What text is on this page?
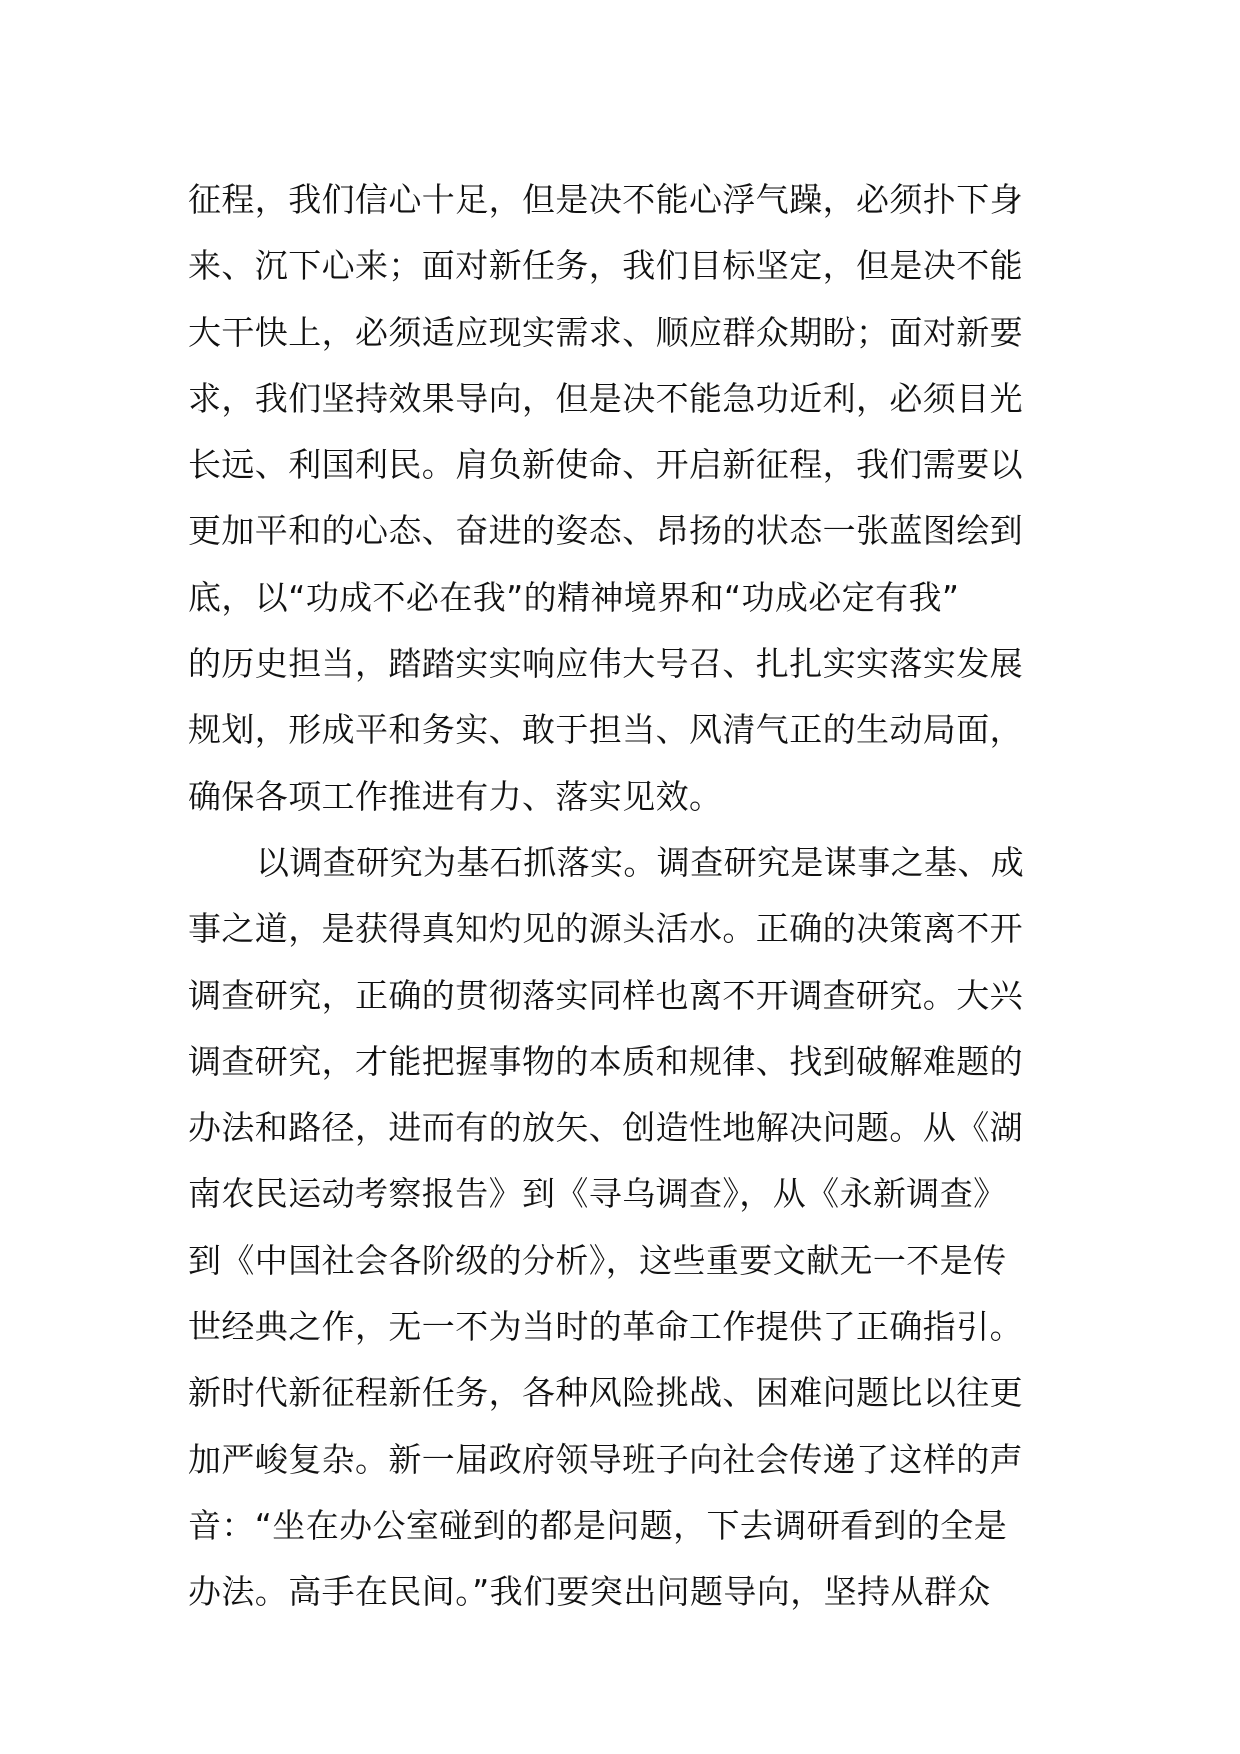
征程，我们信心十足，但是决不能心浮气躁，必须扑下身
来、沉下心来；面对新任务，我们目标坚定，但是决不能
大干快上，必须适应现实需求、顺应群众期盼；面对新要
求，我们坚持效果导向，但是决不能急功近利，必须目光
长远、利国利民。肩负新使命、开启新征程，我们需要以
更加平和的心态、奋进的姿态、昂扬的状态一张蓝图绘到
底，以“功成不必在我”的精神境界和“功成必定有我”
的历史担当，踏踏实实响应伟大号召、扎扎实实落实发展
规划，形成平和务实、敢于担当、风清气正的生动局面，
确保各项工作推进有力、落实见效。
以调查研究为基石抓落实。调查研究是谋事之基、成
事之道，是获得真知灼见的源头活水。正确的决策离不开
调查研究，正确的贯彻落实同样也离不开调查研究。大兴
调查研究，才能把握事物的本质和规律、找到破解难题的
办法和路径，进而有的放矢、创造性地解决问题。从《湖
南农民运动考察报告》到《寻乌调查》，从《永新调查》
到《中国社会各阶级的分析》，这些重要文献无一不是传
世经典之作，无一不为当时的革命工作提供了正确指引。
新时代新征程新任务，各种风险挑战、困难问题比以往更
加严峻复杂。新一届政府领导班子向社会传递了这样的声
音：“坐在办公室碰到的都是问题，下去调研看到的全是
办法。高手在民间。”我们要突出问题导向，坚持从群众
